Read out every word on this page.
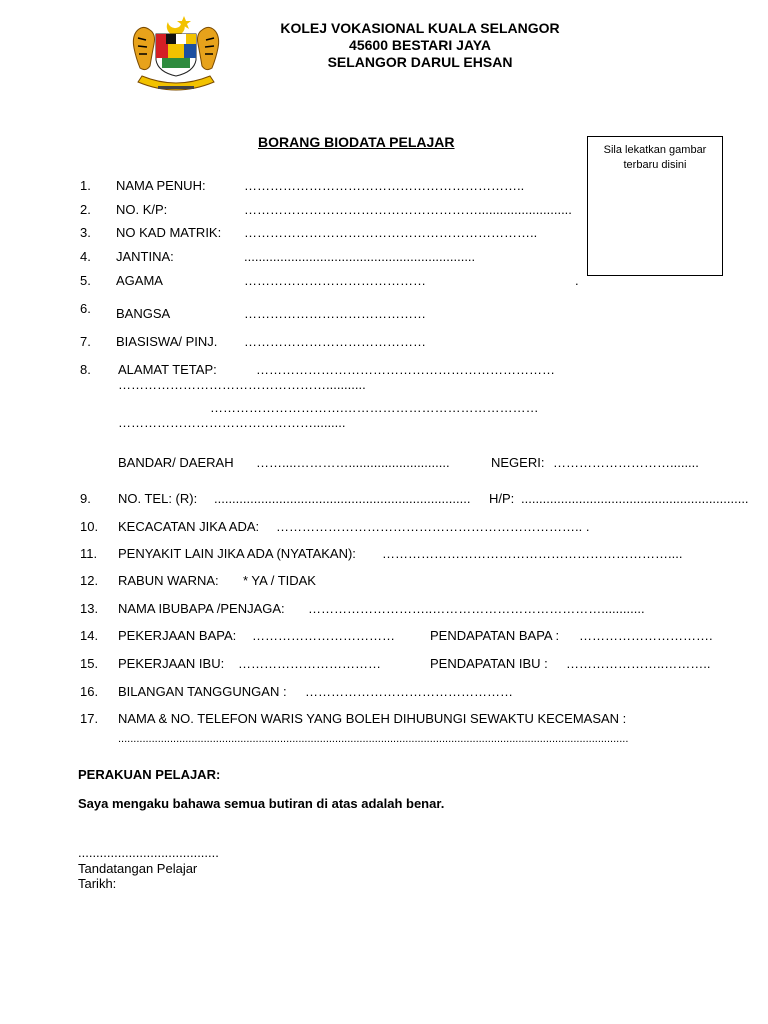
KOLEJ VOKASIONAL KUALA SELANGOR
45600 BESTARI JAYA
SELANGOR DARUL EHSAN
BORANG BIODATA PELAJAR	Sila lekatkan gambar terbaru disini
1. NAMA PENUH:	………………………………………………………..
2. NO. K/P:	………………………………………………..........................
3. NO KAD MATRIK: …………………………………………………………..
4. JANTINA:	................................................................
5. AGAMA	……………………………………	.
6. BANGSA	……………………………………
7. BIASISWA/ PINJ. ……………………………………
8. ALAMAT TETAP:	……………………………………………………………
…………………………………………...........
………………………….………………………………………
……………………………………….........
BANDAR/ DAERAH ……....…………............................	NEGERI: ………………………........
9. NO. TEL: (R): ....................................................................... H/P: ...............................................................
10. KECACATAN JIKA ADA: …………………………………………………………….. .
11. PENYAKIT LAIN JIKA ADA (NYATAKAN): …………………………………………………………....
12. RABUN WARNA: * YA / TIDAK
13. NAMA IBUBAPA /PENJAGA: ………………………..…………………………………............
14. PEKERJAAN BAPA: ……………………………	PENDAPATAN BAPA : ………………………….
15. PEKERJAAN IBU: ……………………………	PENDAPATAN IBU : …………………..………..
16. BILANGAN TANGGUNGAN : …………………………………………
17. NAMA & NO. TELEFON WARIS YANG BOLEH DIHUBUNGI SEWAKTU KECEMASAN :
.......................................................................................................................................................................
PERAKUAN PELAJAR:
Saya mengaku bahawa semua butiran di atas adalah benar.
.......................................
Tandatangan Pelajar
Tarikh:
